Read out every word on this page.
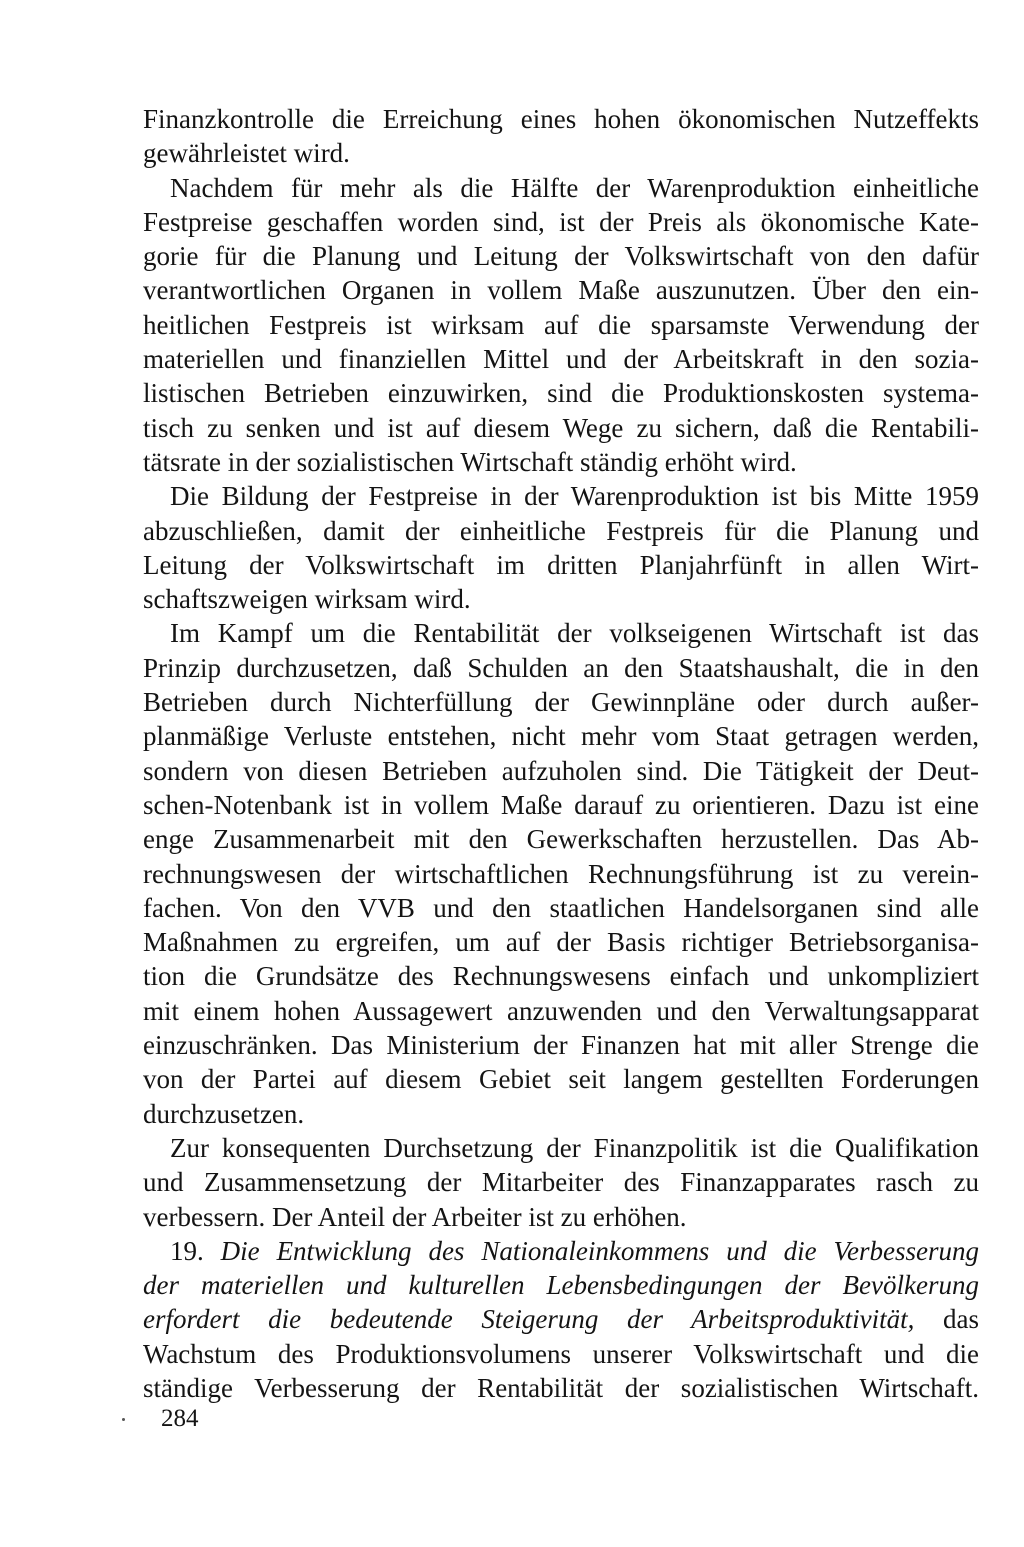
Finanzkontrolle die Erreichung eines hohen ökonomischen Nutzeffekts
gewährleistet wird.
Nachdem für mehr als die Hälfte der Warenproduktion einheitliche
Festpreise geschaffen worden sind, ist der Preis als ökonomische Kate-
gorie für die Planung und Leitung der Volkswirtschaft von den dafür
verantwortlichen Organen in vollem Maße auszunutzen. Über den ein-
heitlichen Festpreis ist wirksam auf die sparsamste Verwendung der
materiellen und finanziellen Mittel und der Arbeitskraft in den sozia-
listischen Betrieben einzuwirken, sind die Produktionskosten systema-
tisch zu senken und ist auf diesem Wege zu sichern, daß die Rentabili-
tätsrate in der sozialistischen Wirtschaft ständig erhöht wird.
Die Bildung der Festpreise in der Warenproduktion ist bis Mitte 1959
abzuschließen, damit der einheitliche Festpreis für die Planung und
Leitung der Volkswirtschaft im dritten Planjahrfünft in allen Wirt-
schaftszweigen wirksam wird.
Im Kampf um die Rentabilität der volkseigenen Wirtschaft ist das
Prinzip durchzusetzen, daß Schulden an den Staatshaushalt, die in den
Betrieben durch Nichterfüllung der Gewinnpläne oder durch außer-
planmäßige Verluste entstehen, nicht mehr vom Staat getragen werden,
sondern von diesen Betrieben aufzuholen sind. Die Tätigkeit der Deut-
schen-Notenbank ist in vollem Maße darauf zu orientieren. Dazu ist eine
enge Zusammenarbeit mit den Gewerkschaften herzustellen. Das Ab-
rechnungswesen der wirtschaftlichen Rechnungsführung ist zu verein-
fachen. Von den VVB und den staatlichen Handelsorganen sind alle
Maßnahmen zu ergreifen, um auf der Basis richtiger Betriebsorganisa-
tion die Grundsätze des Rechnungswesens einfach und unkompliziert
mit einem hohen Aussagewert anzuwenden und den Verwaltungsapparat
einzuschränken. Das Ministerium der Finanzen hat mit aller Strenge die
von der Partei auf diesem Gebiet seit langem gestellten Forderungen
durchzusetzen.
Zur konsequenten Durchsetzung der Finanzpolitik ist die Qualifikation
und Zusammensetzung der Mitarbeiter des Finanzapparates rasch zu
verbessern. Der Anteil der Arbeiter ist zu erhöhen.
19. Die Entwicklung des Nationaleinkommens und die Verbesserung
der materiellen und kulturellen Lebensbedingungen der Bevölkerung
erfordert die bedeutende Steigerung der Arbeitsproduktivität, das
Wachstum des Produktionsvolumens unserer Volkswirtschaft und die
ständige Verbesserung der Rentabilität der sozialistischen Wirtschaft.
284
